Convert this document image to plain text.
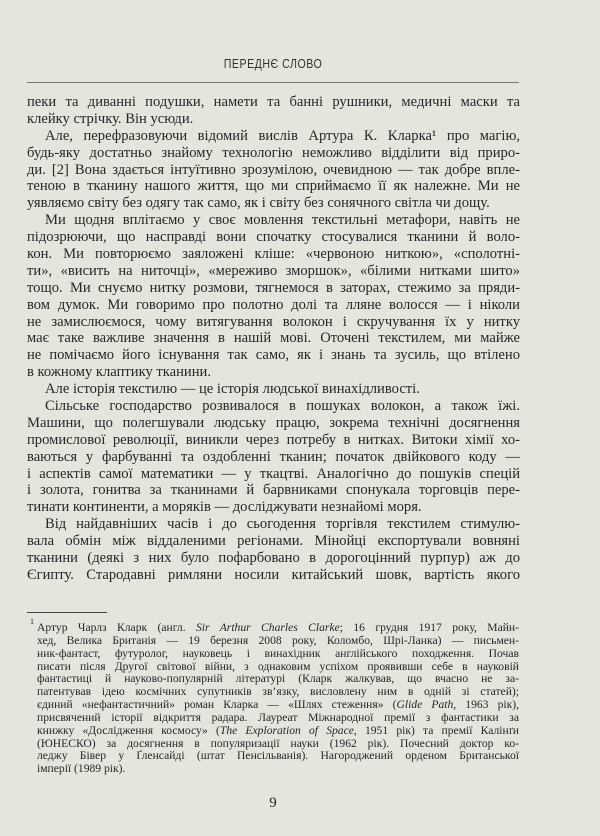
ПЕРЕДНЄ СЛОВО
пеки та диванні подушки, намети та банні рушники, медичні маски та
клейку стрічку. Він усюди.
Але, перефразовуючи відомий вислів Артура К. Кларка¹ про магію,
будь-яку достатньо знайому технологію неможливо відділити від приро-
ди. [2] Вона здається інтуїтивно зрозумілою, очевидною — так добре впле-
теною в тканину нашого життя, що ми сприймаємо її як належне. Ми не
уявляємо світу без одягу так само, як і світу без сонячного світла чи дощу.
Ми щодня вплітаємо у своє мовлення текстильні метафори, навіть не
підозрюючи, що насправді вони спочатку стосувалися тканини й воло-
кон. Ми повторюємо заяложені кліше: «червоною ниткою», «сполотні-
ти», «висить на ниточці», «мереживо зморшок», «білими нитками шито»
тощо. Ми снуємо нитку розмови, тягнемося в заторах, стежимо за пряди-
вом думок. Ми говоримо про полотно долі та лляне волосся — і ніколи
не замислюємося, чому витягування волокон і скручування їх у нитку
має таке важливе значення в нашій мові. Оточені текстилем, ми майже
не помічаємо його існування так само, як і знань та зусиль, що втілено
в кожному клаптику тканини.
Але історія текстилю — це історія людської винахідливості.
Сільське господарство розвивалося в пошуках волокон, а також їжі.
Машини, що полегшували людську працю, зокрема технічні досягнення
промислової революції, виникли через потребу в нитках. Витоки хімії хо-
ваються у фарбуванні та оздобленні тканин; початок двійкового коду —
і аспектів самої математики — у ткацтві. Аналогічно до пошуків спецій
і золота, гонитва за тканинами й барвниками спонукала торговців пере-
тинати континенти, а моряків — досліджувати незнайомі моря.
Від найдавніших часів і до сьогодення торгівля текстилем стимулю-
вала обмін між віддаленими регіонами. Мінойці експортували вовняні
тканини (деякі з них було пофарбовано в дорогоцінний пурпур) аж до
Єгипту. Стародавні римляни носили китайський шовк, вартість якого
1 Артур Чарлз Кларк (англ. Sir Arthur Charles Clarke; 16 грудня 1917 року, Майн-
хед, Велика Британія — 19 березня 2008 року, Коломбо, Шрі-Ланка) — письмен-
ник-фантаст, футуролог, науковець і винахідник англійського походження. Почав
писати після Другої світової війни, з однаковим успіхом проявивши себе в науковій
фантастиці й науково-популярній літературі (Кларк жалкував, що вчасно не за-
патентував ідею космічних супутників зв’язку, висловлену ним в одній зі статей);
єдиний «нефантастичний» роман Кларка — «Шлях стеження» (Glide Path, 1963 рік),
присвячений історії відкриття радара. Лауреат Міжнародної премії з фантастики за
книжку «Дослідження космосу» (The Exploration of Space, 1951 рік) та премії Калінґи
(ЮНЕСКО) за досягнення в популяризації науки (1962 рік). Почесний доктор ко-
леджу Бівер у Ґленсайді (штат Пенсільванія). Нагороджений орденом Британської
імперії (1989 рік).
9
